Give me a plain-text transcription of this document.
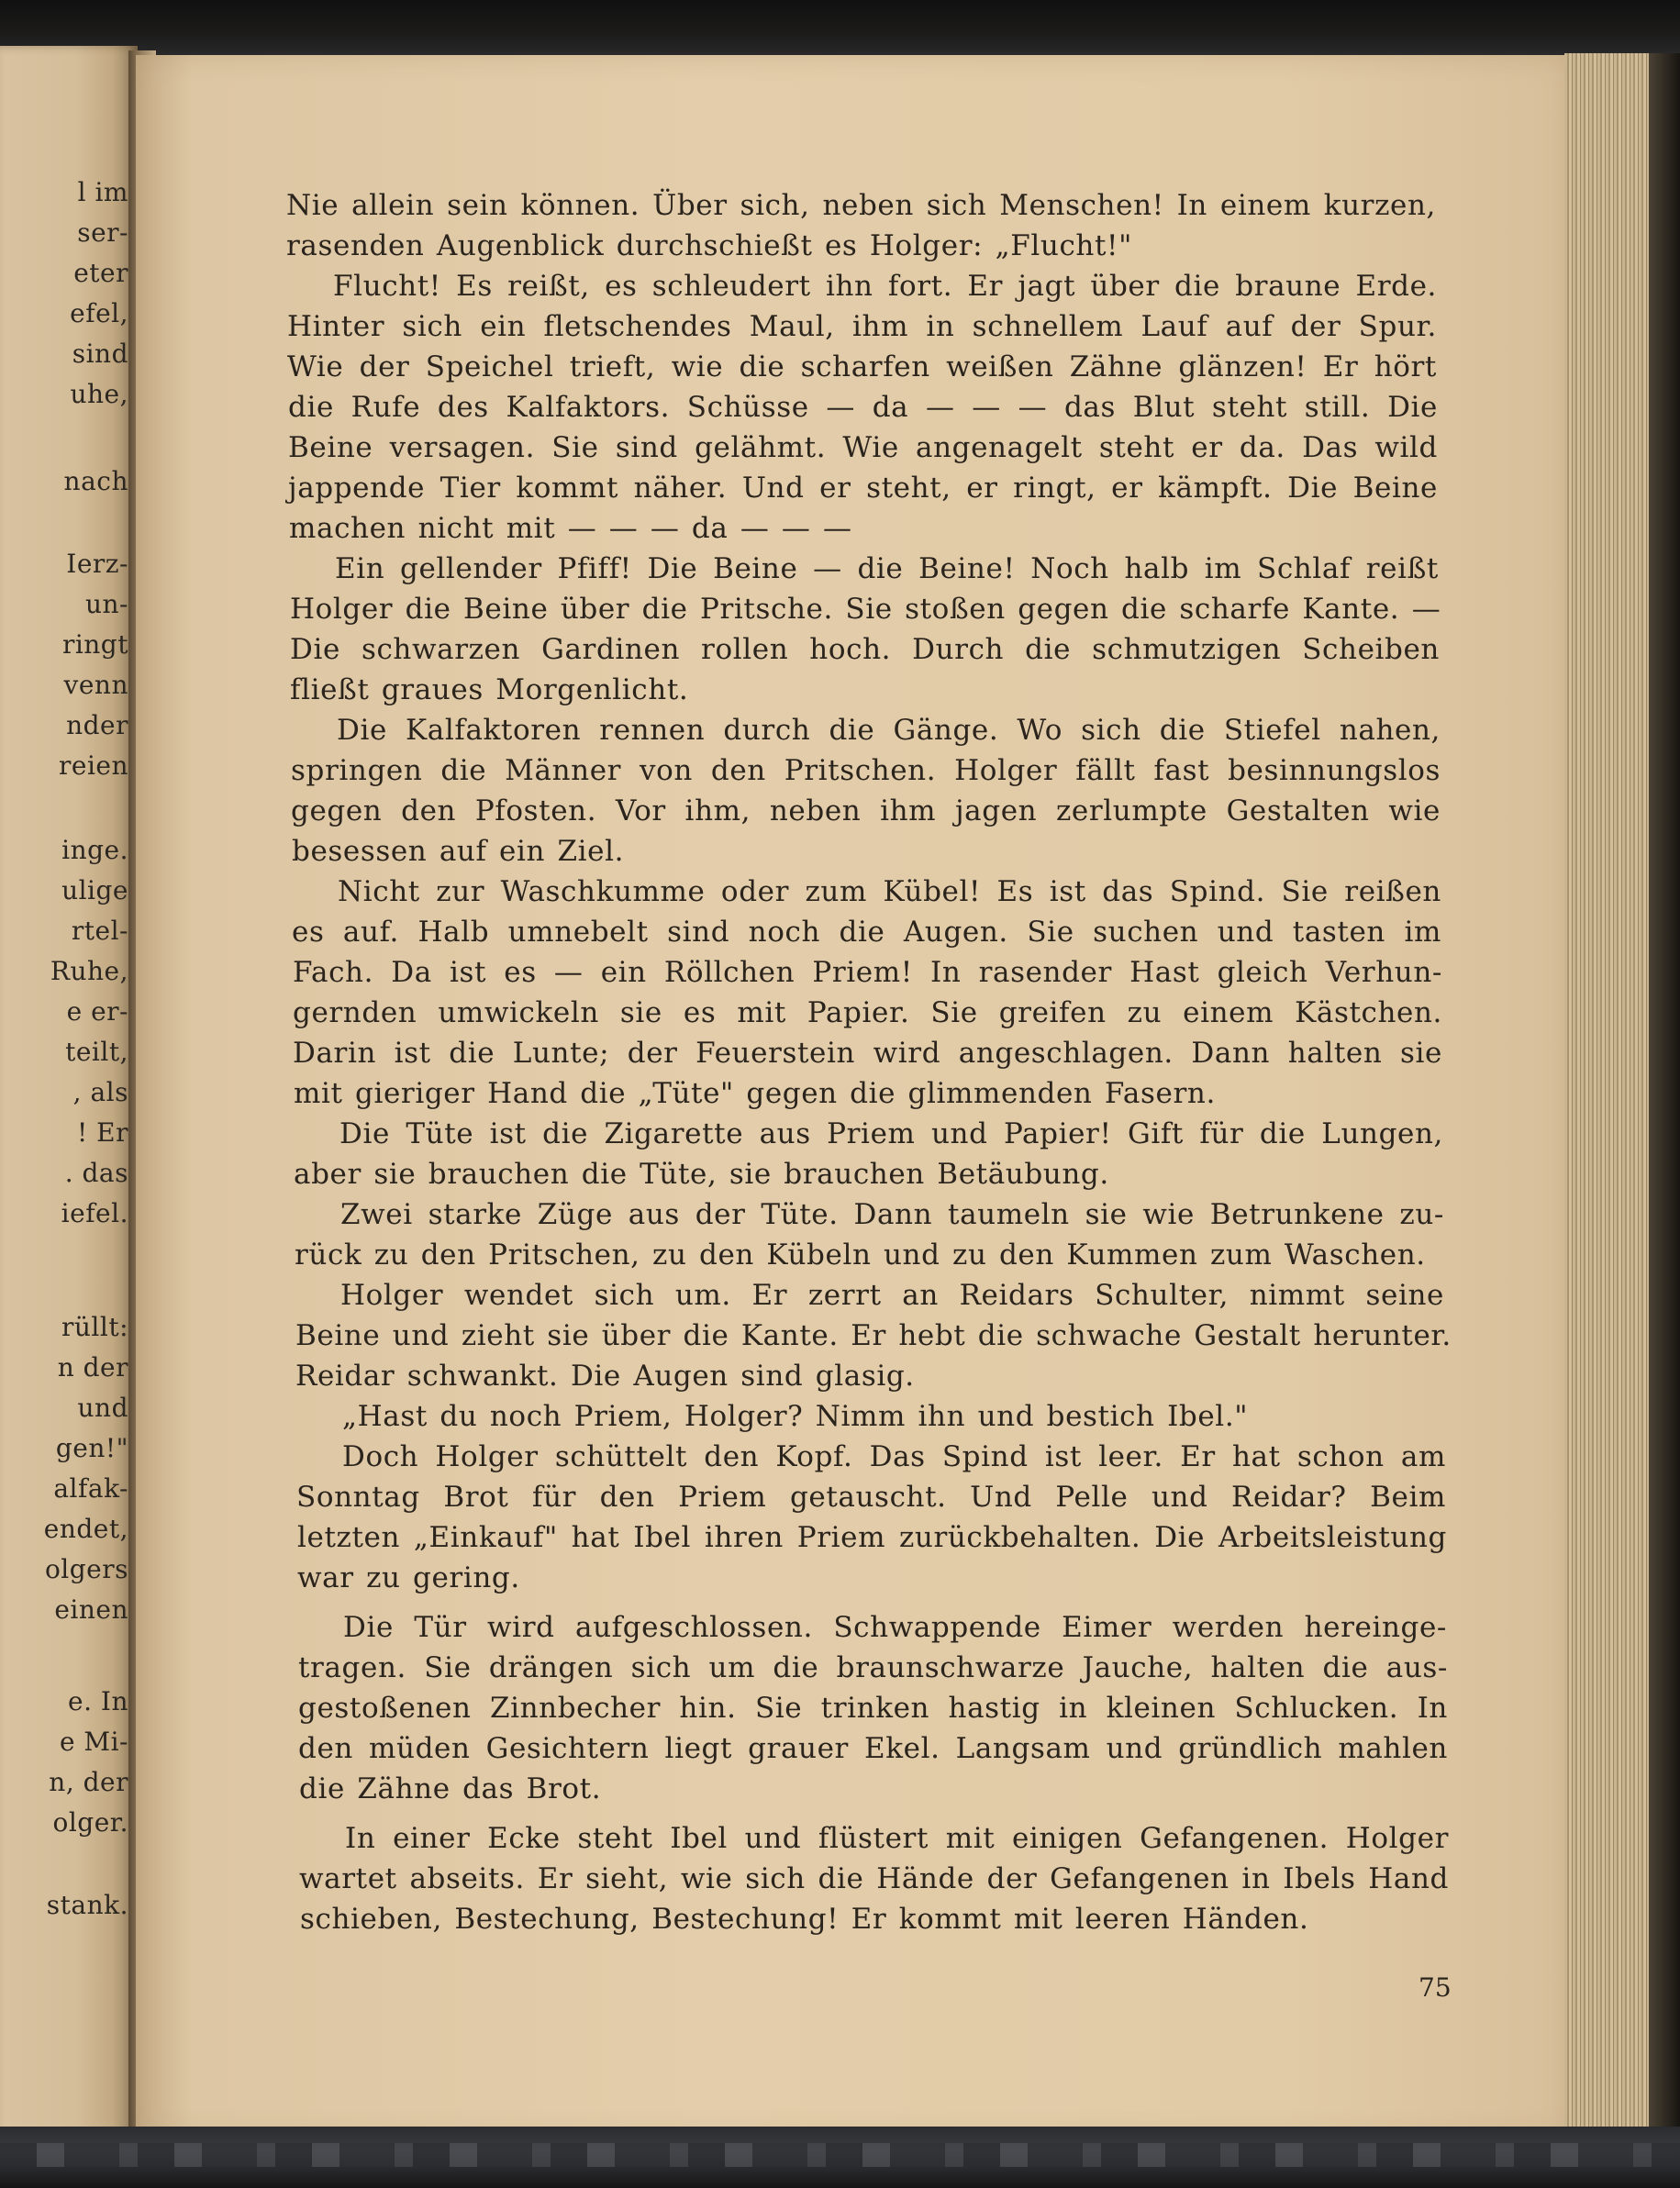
l im
ser-
eter
efel,
sind
uhe,
nach
Ierz-
un-
ringt
venn
nder
reien
inge.
ulige
rtel-
Ruhe,
e er-
teilt,
, als
! Er
. das
iefel.
rüllt:
n der
und
gen!"
alfak-
endet,
olgers
einen
e. In
e Mi-
n, der
olger.
stank.
Nie allein sein können. Über sich, neben sich Menschen! In einem kurzen,
rasenden Augenblick durchschießt es Holger: „Flucht!"
Flucht! Es reißt, es schleudert ihn fort. Er jagt über die braune Erde.
Hinter sich ein fletschendes Maul, ihm in schnellem Lauf auf der Spur.
Wie der Speichel trieft, wie die scharfen weißen Zähne glänzen! Er hört
die Rufe des Kalfaktors. Schüsse — da — — — das Blut steht still. Die
Beine versagen. Sie sind gelähmt. Wie angenagelt steht er da. Das wild
jappende Tier kommt näher. Und er steht, er ringt, er kämpft. Die Beine
machen nicht mit — — — da — — —
Ein gellender Pfiff! Die Beine — die Beine! Noch halb im Schlaf reißt
Holger die Beine über die Pritsche. Sie stoßen gegen die scharfe Kante. —
Die schwarzen Gardinen rollen hoch. Durch die schmutzigen Scheiben
fließt graues Morgenlicht.
Die Kalfaktoren rennen durch die Gänge. Wo sich die Stiefel nahen,
springen die Männer von den Pritschen. Holger fällt fast besinnungslos
gegen den Pfosten. Vor ihm, neben ihm jagen zerlumpte Gestalten wie
besessen auf ein Ziel.
Nicht zur Waschkumme oder zum Kübel! Es ist das Spind. Sie reißen
es auf. Halb umnebelt sind noch die Augen. Sie suchen und tasten im
Fach. Da ist es — ein Röllchen Priem! In rasender Hast gleich Verhun-
gernden umwickeln sie es mit Papier. Sie greifen zu einem Kästchen.
Darin ist die Lunte; der Feuerstein wird angeschlagen. Dann halten sie
mit gieriger Hand die „Tüte" gegen die glimmenden Fasern.
Die Tüte ist die Zigarette aus Priem und Papier! Gift für die Lungen,
aber sie brauchen die Tüte, sie brauchen Betäubung.
Zwei starke Züge aus der Tüte. Dann taumeln sie wie Betrunkene zu-
rück zu den Pritschen, zu den Kübeln und zu den Kummen zum Waschen.
Holger wendet sich um. Er zerrt an Reidars Schulter, nimmt seine
Beine und zieht sie über die Kante. Er hebt die schwache Gestalt herunter.
Reidar schwankt. Die Augen sind glasig.
„Hast du noch Priem, Holger? Nimm ihn und bestich Ibel."
Doch Holger schüttelt den Kopf. Das Spind ist leer. Er hat schon am
Sonntag Brot für den Priem getauscht. Und Pelle und Reidar? Beim
letzten „Einkauf" hat Ibel ihren Priem zurückbehalten. Die Arbeitsleistung
war zu gering.
Die Tür wird aufgeschlossen. Schwappende Eimer werden hereinge-
tragen. Sie drängen sich um die braunschwarze Jauche, halten die aus-
gestoßenen Zinnbecher hin. Sie trinken hastig in kleinen Schlucken. In
den müden Gesichtern liegt grauer Ekel. Langsam und gründlich mahlen
die Zähne das Brot.
In einer Ecke steht Ibel und flüstert mit einigen Gefangenen. Holger
wartet abseits. Er sieht, wie sich die Hände der Gefangenen in Ibels Hand
schieben, Bestechung, Bestechung! Er kommt mit leeren Händen.
75
